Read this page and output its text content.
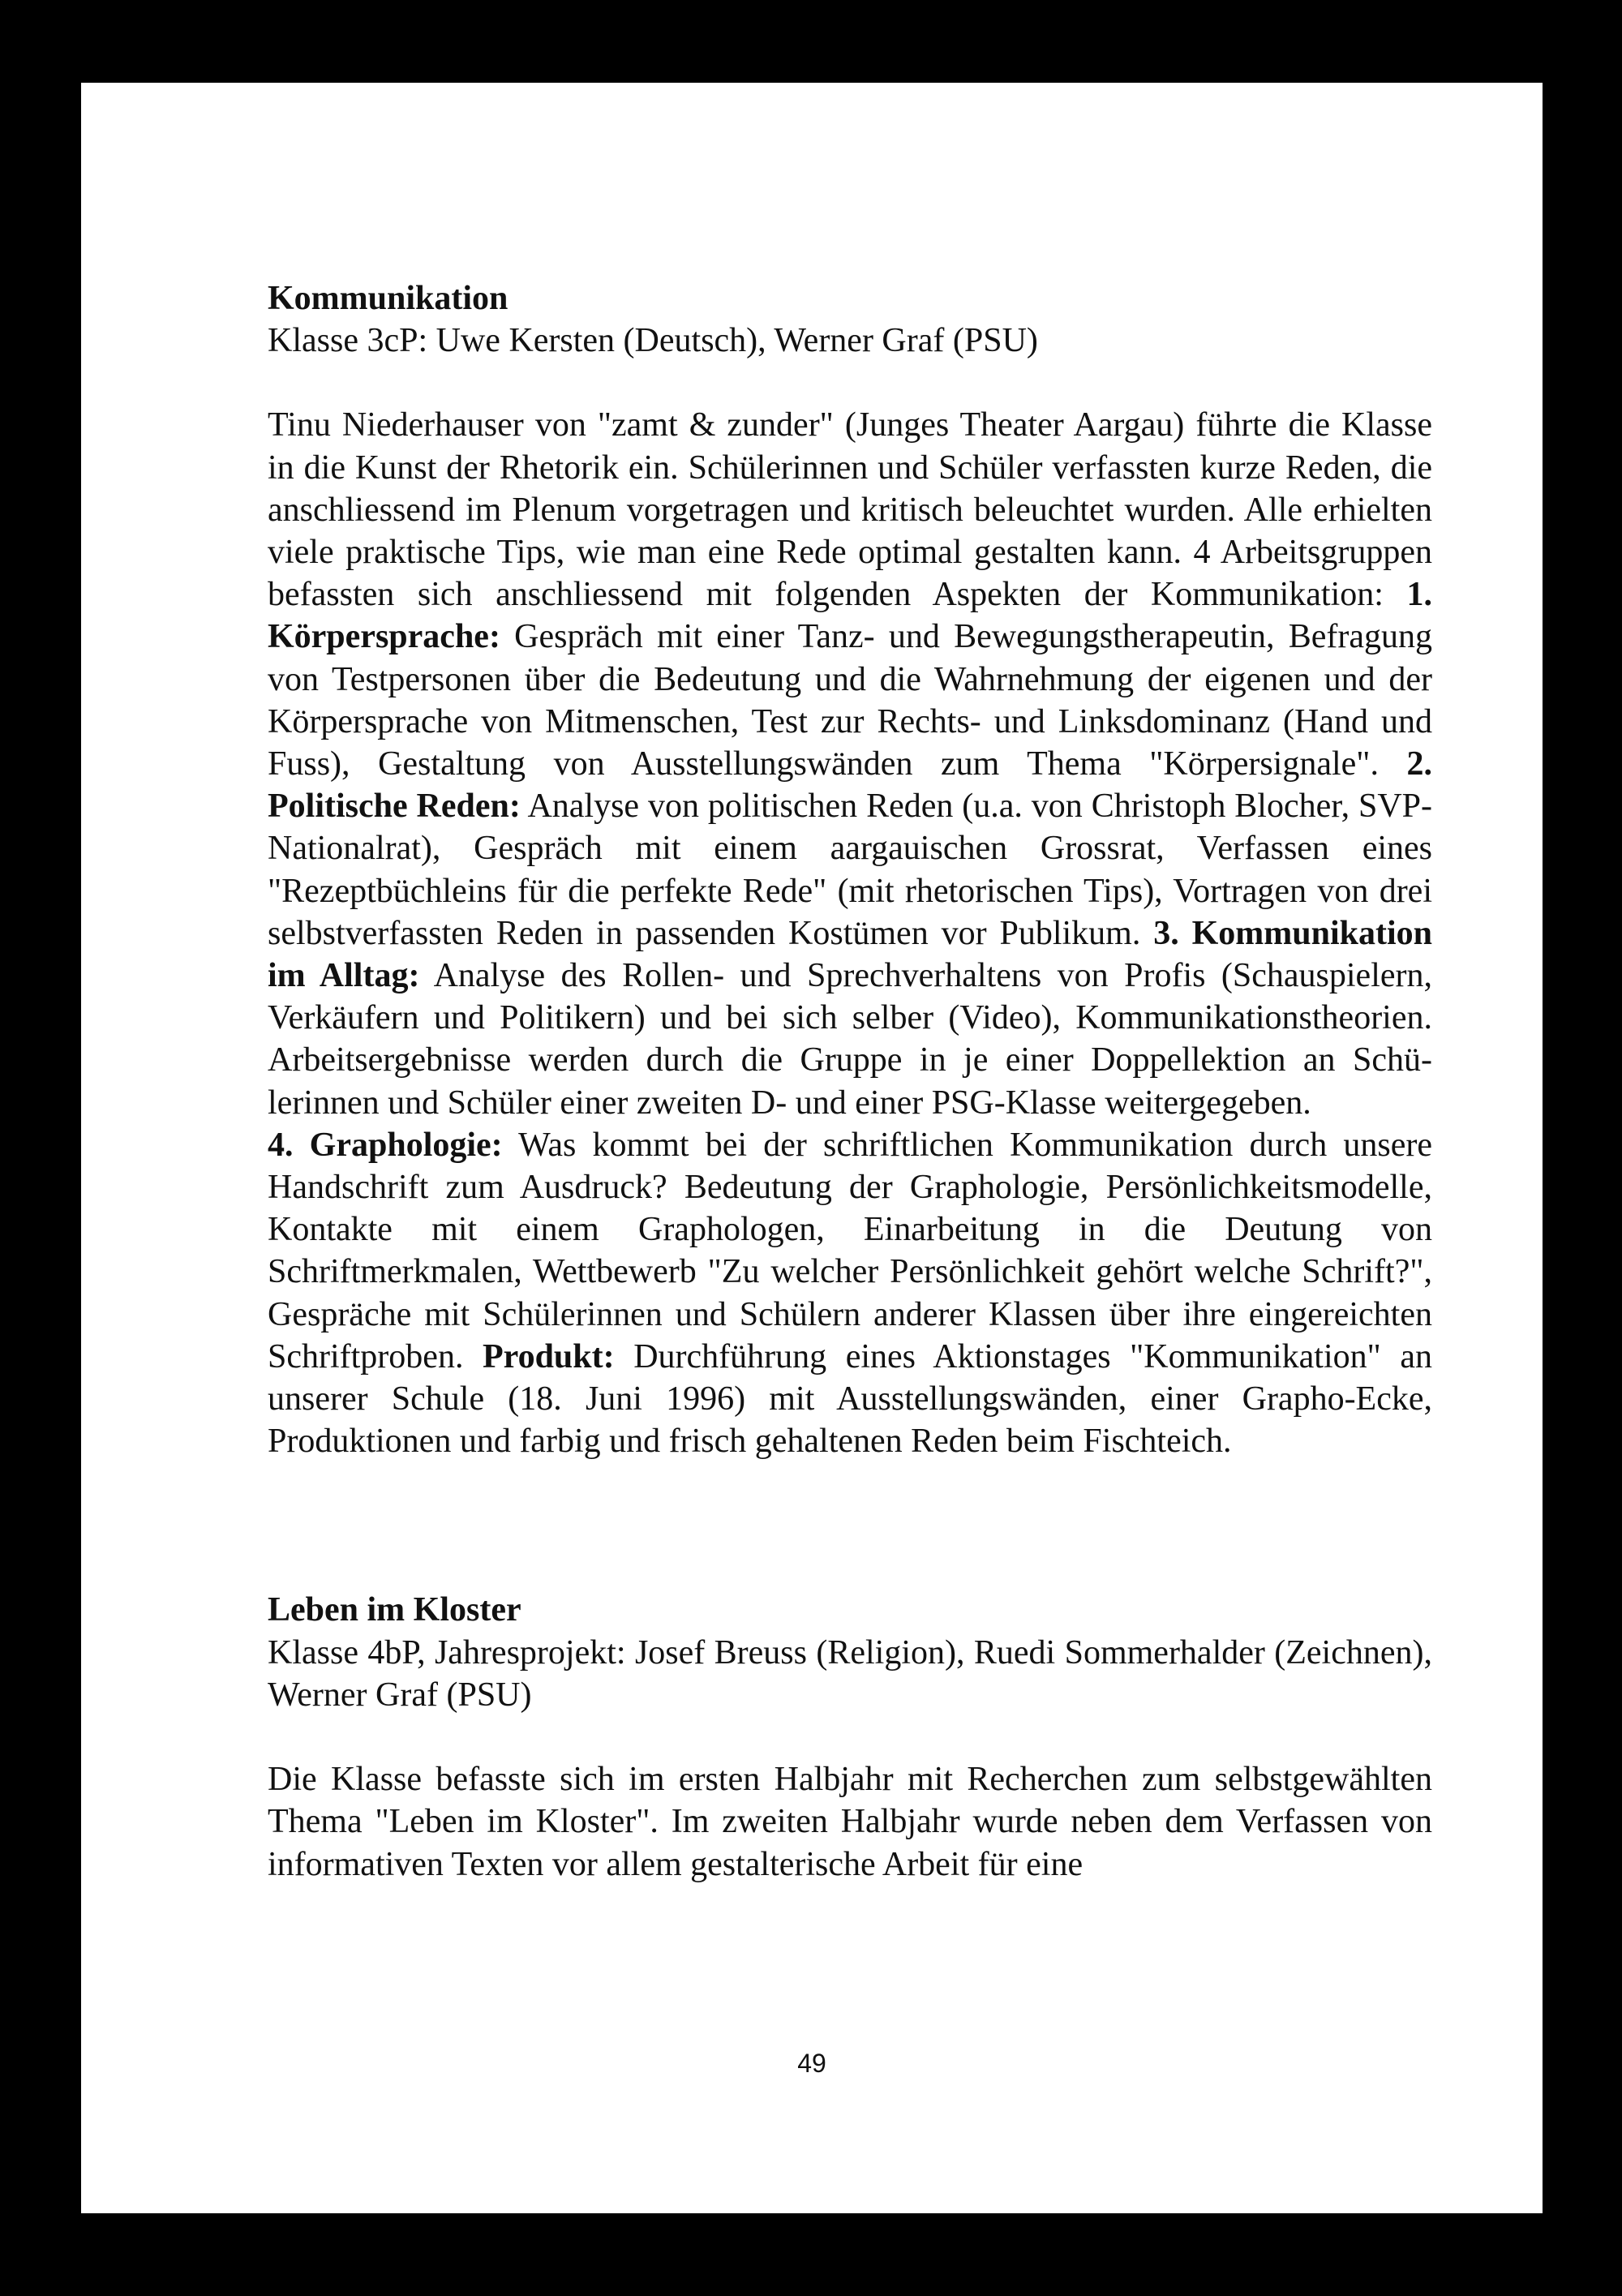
Kommunikation

Klasse 3cP: Uwe Kersten (Deutsch), Werner Graf (PSU)

Tinu Niederhauser von "zamt & zunder" (Junges Theater Aargau) führte die Klasse in die Kunst der Rhetorik ein. Schülerinnen und Schüler verfassten kurze Reden, die anschliessend im Plenum vorgetragen und kritisch beleuchtet wurden. Alle erhielten viele praktische Tips, wie man eine Rede optimal gestalten kann. 4 Arbeitsgruppen befassten sich anschliessend mit folgenden Aspekten der Kommunikation: 1. Körpersprache: Gespräch mit einer Tanz- und Bewegungstherapeutin, Befragung von Testpersonen über die Bedeutung und die Wahrnehmung der eigenen und der Körpersprache von Mitmenschen, Test zur Rechts- und Linksdominanz (Hand und Fuss), Gestaltung von Ausstellungswänden zum Thema "Körpersignale". 2. Politische Reden: Analyse von politischen Reden (u.a. von Christoph Blocher, SVP-Nationalrat), Gespräch mit einem aargauischen Grossrat, Verfassen eines "Rezeptbüchleins für die perfekte Rede" (mit rhetorischen Tips), Vortragen von drei selbstverfassten Reden in passenden Kostümen vor Publikum. 3. Kommunikation im Alltag: Analyse des Rollen- und Sprechverhaltens von Profis (Schauspielern, Verkäufern und Politikern) und bei sich selber (Video), Kommunikationstheorien. Arbeitsergebnisse werden durch die Gruppe in je einer Doppellektion an Schülerinnen und Schüler einer zweiten D- und einer PSG-Klasse weitergegeben.

4. Graphologie: Was kommt bei der schriftlichen Kommunikation durch unsere Handschrift zum Ausdruck? Bedeutung der Graphologie, Persönlichkeitsmodelle, Kontakte mit einem Graphologen, Einarbeitung in die Deutung von Schriftmerkmalen, Wettbewerb "Zu welcher Persönlichkeit gehört welche Schrift?", Gespräche mit Schülerinnen und Schülern anderer Klassen über ihre eingereichten Schriftproben. Produkt: Durchführung eines Aktionstages "Kommunikation" an unserer Schule (18. Juni 1996) mit Ausstellungswänden, einer Grapho-Ecke, Produktionen und farbig und frisch gehaltenen Reden beim Fischteich.

Leben im Kloster

Klasse 4bP, Jahresprojekt: Josef Breuss (Religion), Ruedi Sommerhalder (Zeichnen), Werner Graf (PSU)

Die Klasse befasste sich im ersten Halbjahr mit Recherchen zum selbstgewählten Thema "Leben im Kloster". Im zweiten Halbjahr wurde neben dem Verfassen von informativen Texten vor allem gestalterische Arbeit für eine

49
